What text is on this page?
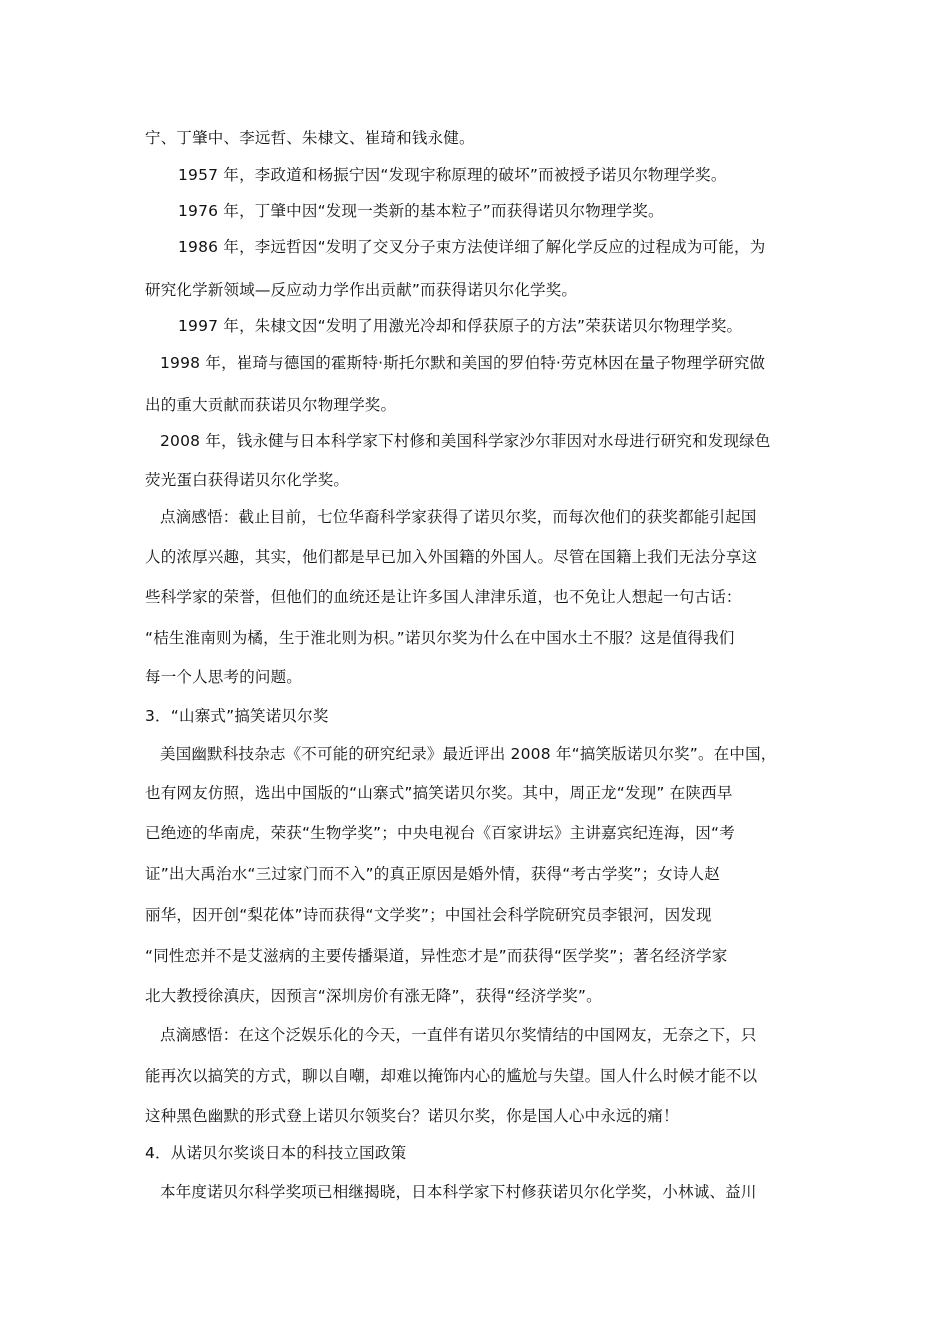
宁、丁肇中、李远哲、朱棣文、崔琦和钱永健。
1957 年，李政道和杨振宁因“发现宇称原理的破坏”而被授予诺贝尔物理学奖。
1976 年，丁肇中因“发现一类新的基本粒子”而获得诺贝尔物理学奖。
1986 年，李远哲因“发明了交叉分子束方法使详细了解化学反应的过程成为可能，为
研究化学新领域—反应动力学作出贡献”而获得诺贝尔化学奖。
1997 年，朱棣文因“发明了用激光冷却和俘获原子的方法”荣获诺贝尔物理学奖。
1998 年，崔琦与德国的霍斯特·斯托尔默和美国的罗伯特·劳克林因在量子物理学研究做
出的重大贡献而获诺贝尔物理学奖。
2008 年，钱永健与日本科学家下村修和美国科学家沙尔菲因对水母进行研究和发现绿色
荧光蛋白获得诺贝尔化学奖。
点滴感悟：截止目前，七位华裔科学家获得了诺贝尔奖，而每次他们的获奖都能引起国
人的浓厚兴趣，其实，他们都是早已加入外国籍的外国人。尽管在国籍上我们无法分享这
些科学家的荣誉，但他们的血统还是让许多国人津津乐道，也不免让人想起一句古话：
“桔生淮南则为橘，生于淮北则为枳。”诺贝尔奖为什么在中国水土不服？这是值得我们
每一个人思考的问题。
3．“山寨式”搞笑诺贝尔奖
美国幽默科技杂志《不可能的研究纪录》最近评出 2008 年“搞笑版诺贝尔奖”。在中国，
也有网友仿照，选出中国版的“山寨式”搞笑诺贝尔奖。其中，周正龙“发现” 在陕西早
已绝迹的华南虎，荣获“生物学奖”；中央电视台《百家讲坛》主讲嘉宾纪连海，因“考
证”出大禹治水“三过家门而不入”的真正原因是婚外情，获得“考古学奖”；女诗人赵
丽华，因开创“梨花体”诗而获得“文学奖”；中国社会科学院研究员李银河，因发现
“同性恋并不是艾滋病的主要传播渠道，异性恋才是”而获得“医学奖”；著名经济学家
北大教授徐滇庆，因预言“深圳房价有涨无降”，获得“经济学奖”。
点滴感悟：在这个泛娱乐化的今天，一直伴有诺贝尔奖情结的中国网友，无奈之下，只
能再次以搞笑的方式，聊以自嘲，却难以掩饰内心的尴尬与失望。国人什么时候才能不以
这种黑色幽默的形式登上诺贝尔领奖台？诺贝尔奖，你是国人心中永远的痛！
4．从诺贝尔奖谈日本的科技立国政策
本年度诺贝尔科学奖项已相继揭晓，日本科学家下村修获诺贝尔化学奖，小林诚、益川
